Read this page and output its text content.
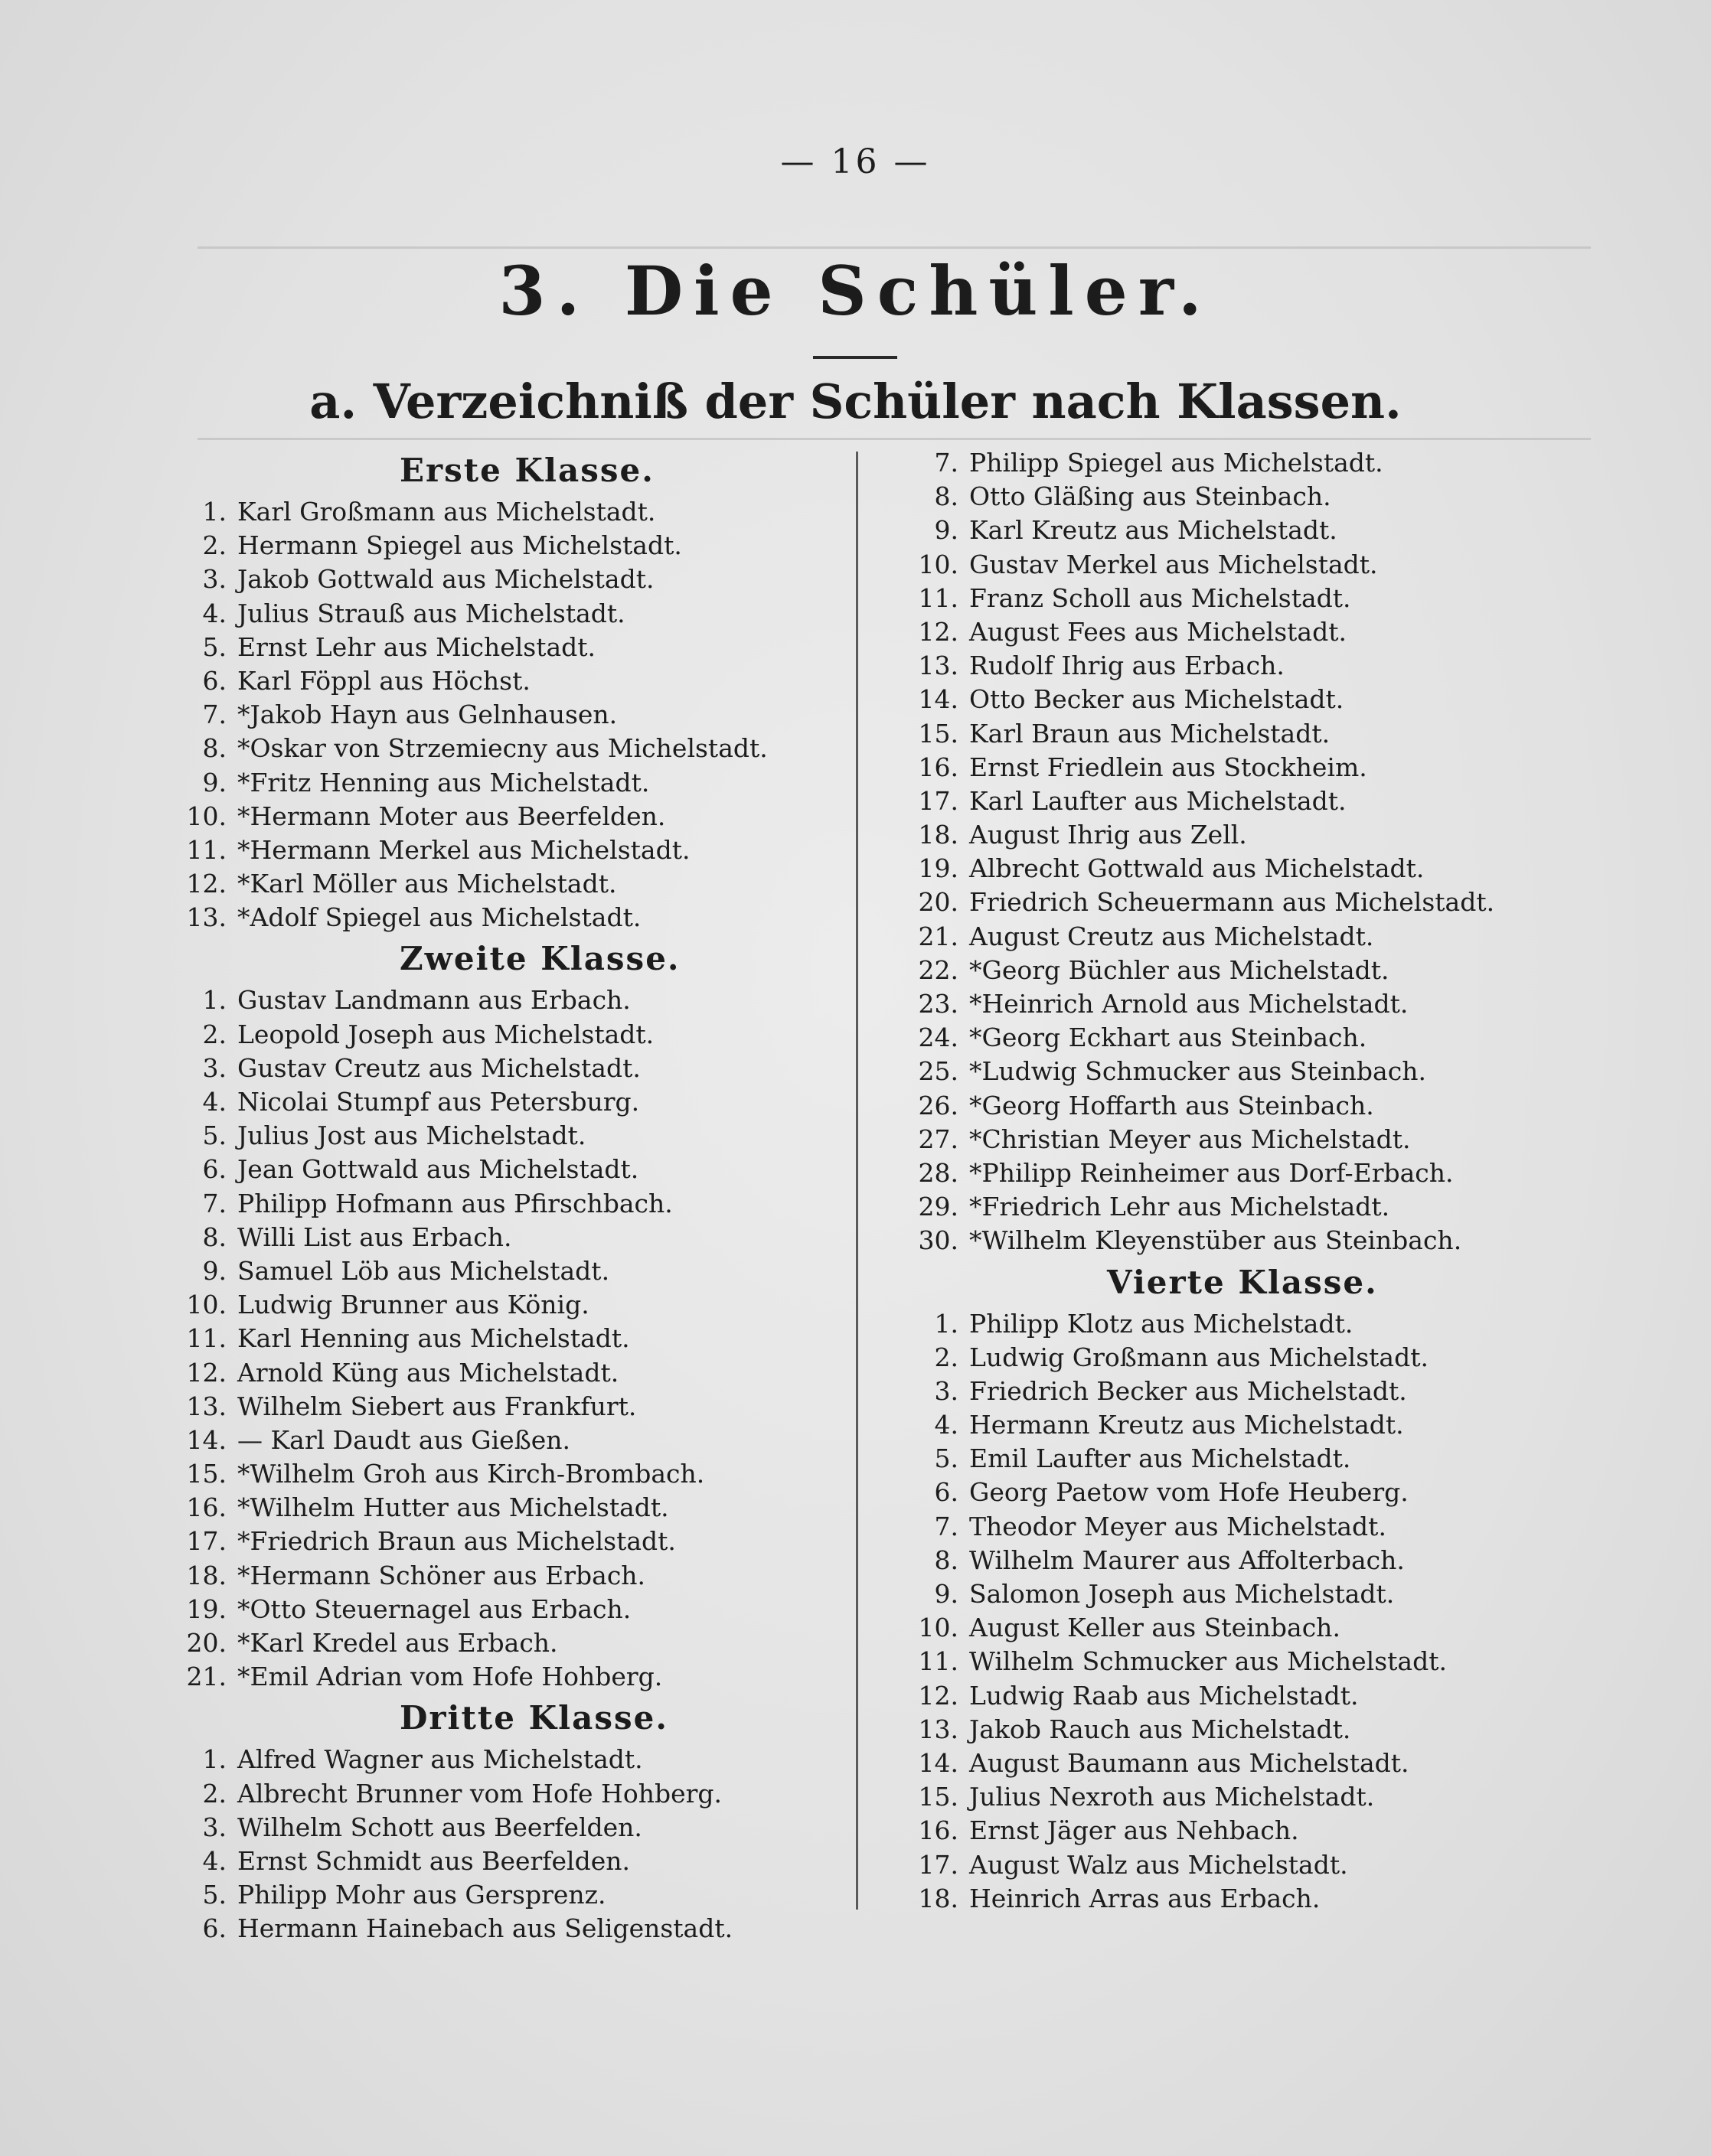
— 16 —
3. Die Schüler.
a. Verzeichniß der Schüler nach Klassen.
Erste Klasse.
1. Karl Großmann aus Michelstadt.
2. Hermann Spiegel aus Michelstadt.
3. Jakob Gottwald aus Michelstadt.
4. Julius Strauß aus Michelstadt.
5. Ernst Lehr aus Michelstadt.
6. Karl Föppl aus Höchst.
7. *Jakob Hayn aus Gelnhausen.
8. *Oskar von Strzemiecny aus Michelstadt.
9. *Fritz Henning aus Michelstadt.
10. *Hermann Moter aus Beerfelden.
11. *Hermann Merkel aus Michelstadt.
12. *Karl Möller aus Michelstadt.
13. *Adolf Spiegel aus Michelstadt.
Zweite Klasse.
1. Gustav Landmann aus Erbach.
2. Leopold Joseph aus Michelstadt.
3. Gustav Creutz aus Michelstadt.
4. Nicolai Stumpf aus Petersburg.
5. Julius Jost aus Michelstadt.
6. Jean Gottwald aus Michelstadt.
7. Philipp Hofmann aus Pfirschbach.
8. Willi List aus Erbach.
9. Samuel Löb aus Michelstadt.
10. Ludwig Brunner aus König.
11. Karl Henning aus Michelstadt.
12. Arnold Küng aus Michelstadt.
13. Wilhelm Siebert aus Frankfurt.
14. — Karl Daudt aus Gießen.
15. *Wilhelm Groh aus Kirch-Brombach.
16. *Wilhelm Hutter aus Michelstadt.
17. *Friedrich Braun aus Michelstadt.
18. *Hermann Schöner aus Erbach.
19. *Otto Steuernagel aus Erbach.
20. *Karl Kredel aus Erbach.
21. *Emil Adrian vom Hofe Hohberg.
Dritte Klasse.
1. Alfred Wagner aus Michelstadt.
2. Albrecht Brunner vom Hofe Hohberg.
3. Wilhelm Schott aus Beerfelden.
4. Ernst Schmidt aus Beerfelden.
5. Philipp Mohr aus Gersprenz.
6. Hermann Hainebach aus Seligenstadt.
7. Philipp Spiegel aus Michelstadt.
8. Otto Gläßing aus Steinbach.
9. Karl Kreutz aus Michelstadt.
10. Gustav Merkel aus Michelstadt.
11. Franz Scholl aus Michelstadt.
12. August Fees aus Michelstadt.
13. Rudolf Ihrig aus Erbach.
14. Otto Becker aus Michelstadt.
15. Karl Braun aus Michelstadt.
16. Ernst Friedlein aus Stockheim.
17. Karl Laufter aus Michelstadt.
18. August Ihrig aus Zell.
19. Albrecht Gottwald aus Michelstadt.
20. Friedrich Scheuermann aus Michelstadt.
21. August Creutz aus Michelstadt.
22. *Georg Büchler aus Michelstadt.
23. *Heinrich Arnold aus Michelstadt.
24. *Georg Eckhart aus Steinbach.
25. *Ludwig Schmucker aus Steinbach.
26. *Georg Hoffarth aus Steinbach.
27. *Christian Meyer aus Michelstadt.
28. *Philipp Reinheimer aus Dorf-Erbach.
29. *Friedrich Lehr aus Michelstadt.
30. *Wilhelm Kleyenstüber aus Steinbach.
Vierte Klasse.
1. Philipp Klotz aus Michelstadt.
2. Ludwig Großmann aus Michelstadt.
3. Friedrich Becker aus Michelstadt.
4. Hermann Kreutz aus Michelstadt.
5. Emil Laufter aus Michelstadt.
6. Georg Paetow vom Hofe Heuberg.
7. Theodor Meyer aus Michelstadt.
8. Wilhelm Maurer aus Affolterbach.
9. Salomon Joseph aus Michelstadt.
10. August Keller aus Steinbach.
11. Wilhelm Schmucker aus Michelstadt.
12. Ludwig Raab aus Michelstadt.
13. Jakob Rauch aus Michelstadt.
14. August Baumann aus Michelstadt.
15. Julius Nexroth aus Michelstadt.
16. Ernst Jäger aus Nehbach.
17. August Walz aus Michelstadt.
18. Heinrich Arras aus Erbach.
